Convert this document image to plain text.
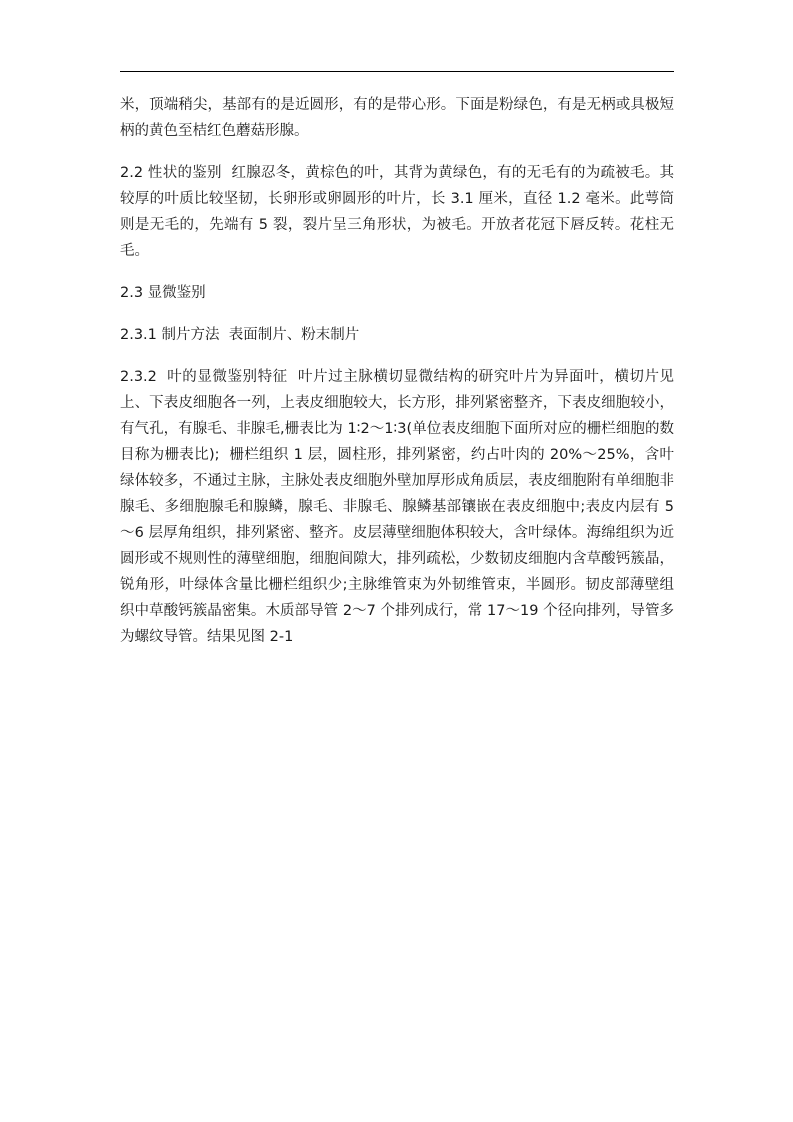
米，顶端稍尖，基部有的是近圆形，有的是带心形。下面是粉绿色，有是无柄或具极短柄的黄色至桔红色蘑菇形腺。

2.2 性状的鉴别  红腺忍冬，黄棕色的叶，其背为黄绿色，有的无毛有的为疏被毛。其较厚的叶质比较坚韧，长卵形或卵圆形的叶片，长 3.1 厘米，直径 1.2 毫米。此萼筒则是无毛的，先端有 5 裂，裂片呈三角形状，为被毛。开放者花冠下唇反转。花柱无毛。

2.3 显微鉴别

2.3.1 制片方法  表面制片、粉末制片

2.3.2  叶的显微鉴别特征  叶片过主脉横切显微结构的研究叶片为异面叶，横切片见上、下表皮细胞各一列，上表皮细胞较大，长方形，排列紧密整齐，下表皮细胞较小，有气孔，有腺毛、非腺毛,栅表比为 1∶2～1∶3(单位表皮细胞下面所对应的栅栏细胞的数目称为栅表比);  栅栏组织 1 层，圆柱形，排列紧密，约占叶肉的 20%～25%，含叶绿体较多，不通过主脉，主脉处表皮细胞外壁加厚形成角质层，表皮细胞附有单细胞非腺毛、多细胞腺毛和腺鳞，腺毛、非腺毛、腺鳞基部镶嵌在表皮细胞中;表皮内层有 5～6 层厚角组织，排列紧密、整齐。皮层薄壁细胞体积较大，含叶绿体。海绵组织为近圆形或不规则性的薄壁细胞，细胞间隙大，排列疏松，少数韧皮细胞内含草酸钙簇晶，锐角形，叶绿体含量比栅栏组织少;主脉维管束为外韧维管束，半圆形。韧皮部薄壁组织中草酸钙簇晶密集。木质部导管 2～7 个排列成行，常 17～19 个径向排列，导管多为螺纹导管。结果见图 2-1
